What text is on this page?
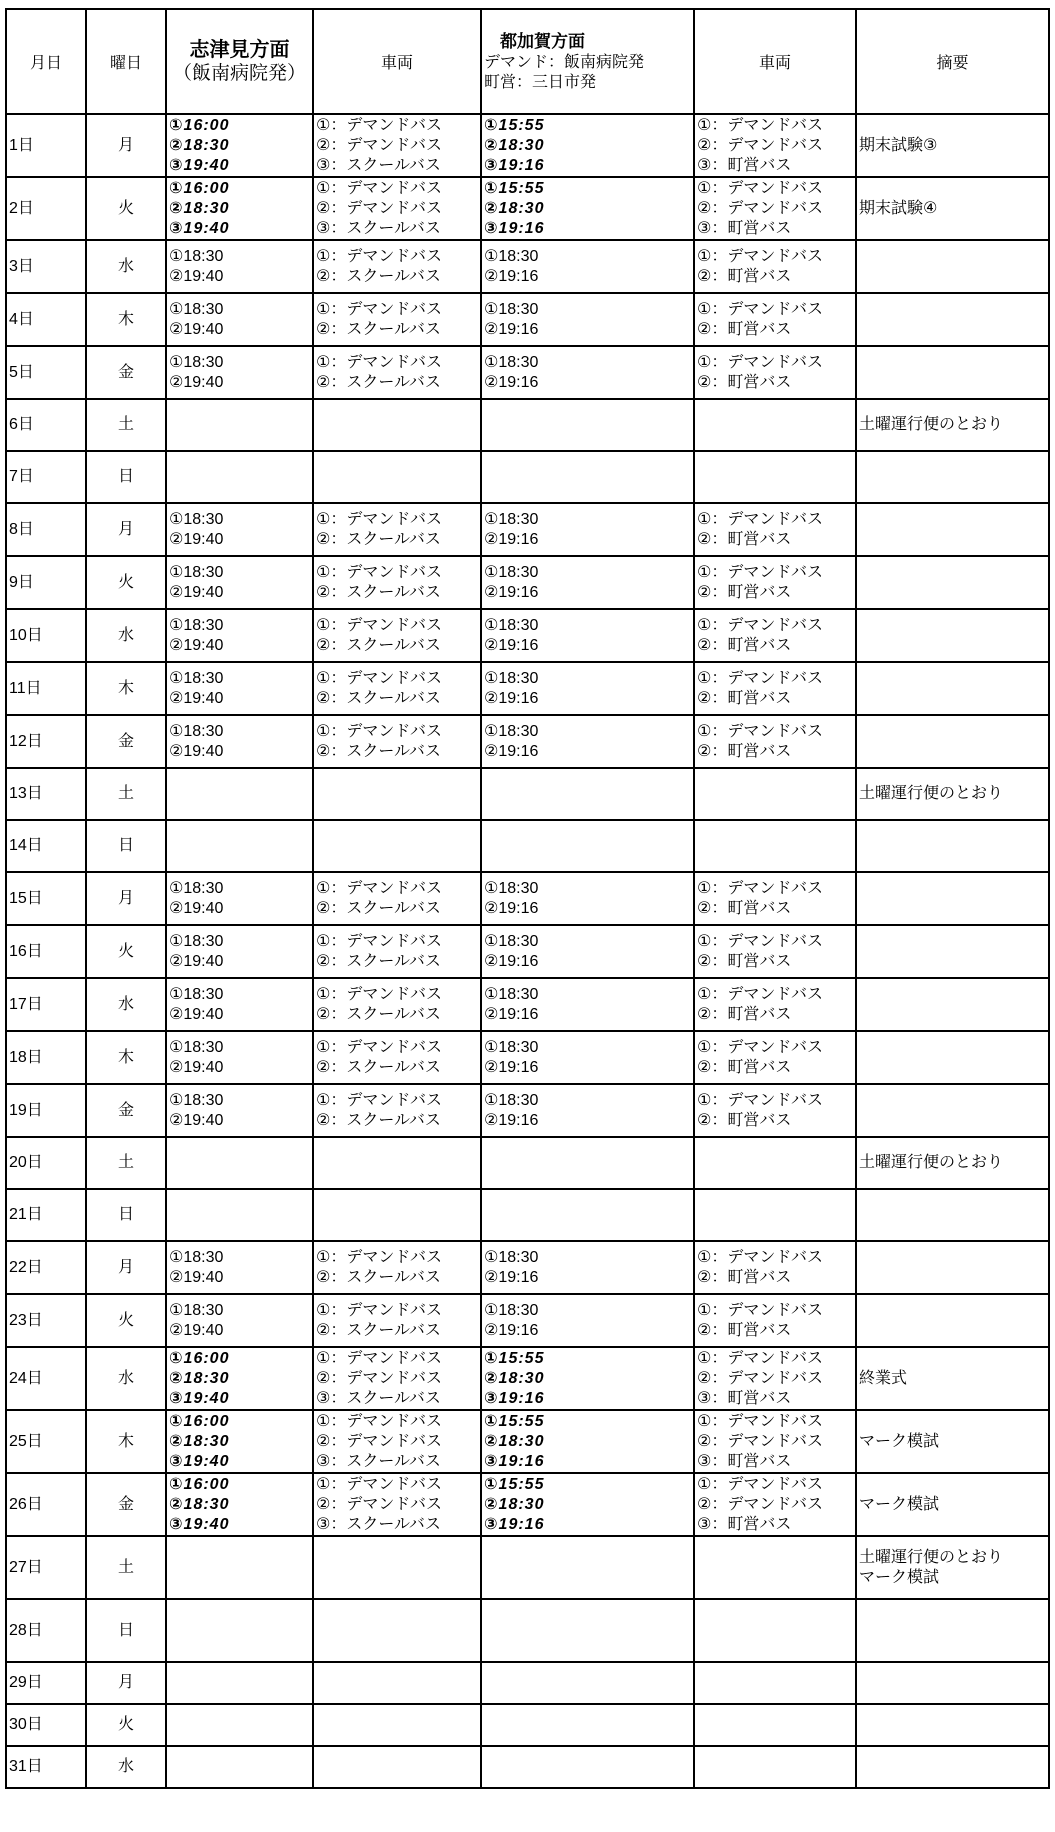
月日	曜日	志津見方面
（飯南病院発）	車両	都加賀方面
デマンド：飯南病院発
町営：三日市発	車両	摘要
1日	月	①16:00
②18:30
③19:40	①：デマンドバス
②：デマンドバス
③：スクールバス	①15:55
②18:30
③19:16	①：デマンドバス
②：デマンドバス
③：町営バス	期末試験③

2日	火	①16:00
②18:30
③19:40	①：デマンドバス
②：デマンドバス
③：スクールバス	①15:55
②18:30
③19:16	①：デマンドバス
②：デマンドバス
③：町営バス	期末試験④

3日	水	①18:30
②19:40	①：デマンドバス
②：スクールバス	①18:30
②19:16	①：デマンドバス
②：町営バス	

4日	木	①18:30
②19:40	①：デマンドバス
②：スクールバス	①18:30
②19:16	①：デマンドバス
②：町営バス	

5日	金	①18:30
②19:40	①：デマンドバス
②：スクールバス	①18:30
②19:16	①：デマンドバス
②：町営バス	

6日	土					土曜運行便のとおり

7日	日					
8日	月	①18:30
②19:40	①：デマンドバス
②：スクールバス	①18:30
②19:16	①：デマンドバス
②：町営バス	

9日	火	①18:30
②19:40	①：デマンドバス
②：スクールバス	①18:30
②19:16	①：デマンドバス
②：町営バス	

10日	水	①18:30
②19:40	①：デマンドバス
②：スクールバス	①18:30
②19:16	①：デマンドバス
②：町営バス	

11日	木	①18:30
②19:40	①：デマンドバス
②：スクールバス	①18:30
②19:16	①：デマンドバス
②：町営バス	

12日	金	①18:30
②19:40	①：デマンドバス
②：スクールバス	①18:30
②19:16	①：デマンドバス
②：町営バス	

13日	土					土曜運行便のとおり

14日	日					
15日	月	①18:30
②19:40	①：デマンドバス
②：スクールバス	①18:30
②19:16	①：デマンドバス
②：町営バス	

16日	火	①18:30
②19:40	①：デマンドバス
②：スクールバス	①18:30
②19:16	①：デマンドバス
②：町営バス	

17日	水	①18:30
②19:40	①：デマンドバス
②：スクールバス	①18:30
②19:16	①：デマンドバス
②：町営バス	

18日	木	①18:30
②19:40	①：デマンドバス
②：スクールバス	①18:30
②19:16	①：デマンドバス
②：町営バス	

19日	金	①18:30
②19:40	①：デマンドバス
②：スクールバス	①18:30
②19:16	①：デマンドバス
②：町営バス	

20日	土					土曜運行便のとおり

21日	日					
22日	月	①18:30
②19:40	①：デマンドバス
②：スクールバス	①18:30
②19:16	①：デマンドバス
②：町営バス	

23日	火	①18:30
②19:40	①：デマンドバス
②：スクールバス	①18:30
②19:16	①：デマンドバス
②：町営バス	

24日	水	①16:00
②18:30
③19:40	①：デマンドバス
②：デマンドバス
③：スクールバス	①15:55
②18:30
③19:16	①：デマンドバス
②：デマンドバス
③：町営バス	終業式

25日	木	①16:00
②18:30
③19:40	①：デマンドバス
②：デマンドバス
③：スクールバス	①15:55
②18:30
③19:16	①：デマンドバス
②：デマンドバス
③：町営バス	マーク模試

26日	金	①16:00
②18:30
③19:40	①：デマンドバス
②：デマンドバス
③：スクールバス	①15:55
②18:30
③19:16	①：デマンドバス
②：デマンドバス
③：町営バス	マーク模試

27日	土					土曜運行便のとおり
マーク模試

28日	日					
29日	月					
30日	火					
31日	水					
